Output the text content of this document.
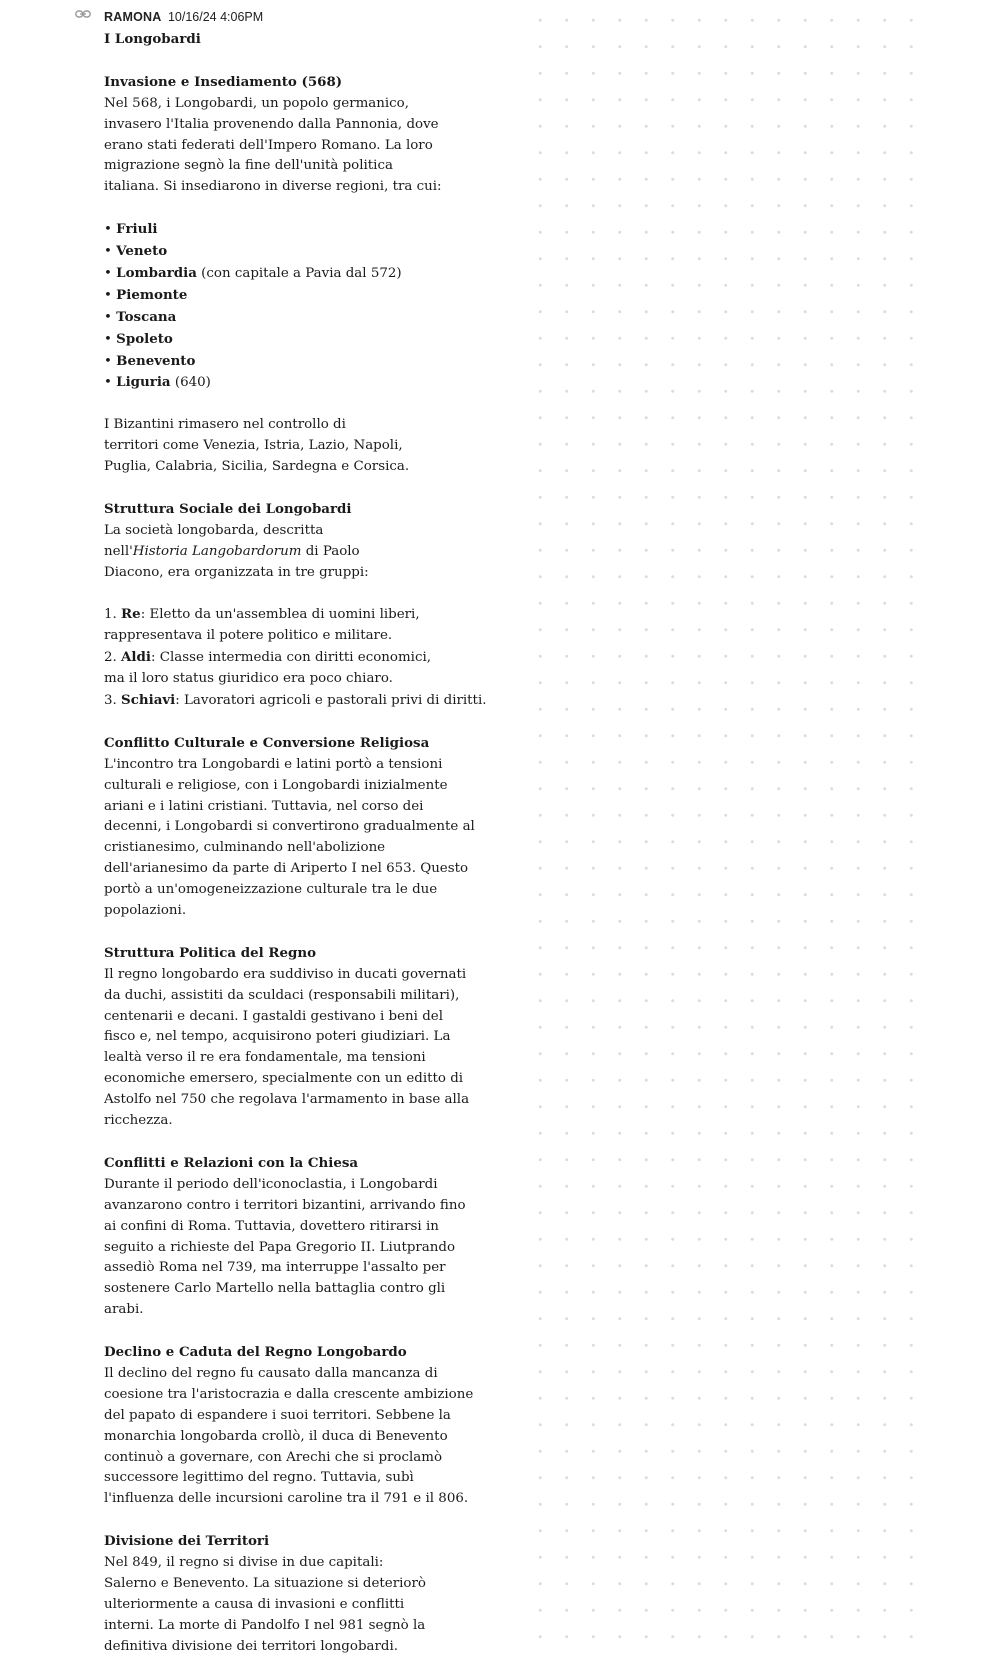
RAMONA 10/16/24 4:06PM
I Longobardi
Invasione e Insediamento (568)
Nel 568, i Longobardi, un popolo germanico,
invasero l'Italia provenendo dalla Pannonia, dove
erano stati federati dell'Impero Romano. La loro
migrazione segnò la fine dell'unità politica
italiana. Si insediarono in diverse regioni, tra cui:
• Friuli
• Veneto
• Lombardia (con capitale a Pavia dal 572)
• Piemonte
• Toscana
• Spoleto
• Benevento
• Liguria (640)
I Bizantini rimasero nel controllo di
territori come Venezia, Istria, Lazio, Napoli,
Puglia, Calabria, Sicilia, Sardegna e Corsica.
Struttura Sociale dei Longobardi
La società longobarda, descritta
nell'Historia Langobardorum di Paolo
Diacono, era organizzata in tre gruppi:
1. Re: Eletto da un'assemblea di uomini liberi,
rappresentava il potere politico e militare.
2. Aldi: Classe intermedia con diritti economici,
ma il loro status giuridico era poco chiaro.
3. Schiavi: Lavoratori agricoli e pastorali privi di diritti.
Conflitto Culturale e Conversione Religiosa
L'incontro tra Longobardi e latini portò a tensioni
culturali e religiose, con i Longobardi inizialmente
ariani e i latini cristiani. Tuttavia, nel corso dei
decenni, i Longobardi si convertirono gradualmente al
cristianesimo, culminando nell'abolizione
dell'arianesimo da parte di Ariperto I nel 653. Questo
portò a un'omogeneizzazione culturale tra le due
popolazioni.
Struttura Politica del Regno
Il regno longobardo era suddiviso in ducati governati
da duchi, assistiti da sculdaci (responsabili militari),
centenarii e decani. I gastaldi gestivano i beni del
fisco e, nel tempo, acquisirono poteri giudiziari. La
lealtà verso il re era fondamentale, ma tensioni
economiche emersero, specialmente con un editto di
Astolfo nel 750 che regolava l'armamento in base alla
ricchezza.
Conflitti e Relazioni con la Chiesa
Durante il periodo dell'iconoclastia, i Longobardi
avanzarono contro i territori bizantini, arrivando fino
ai confini di Roma. Tuttavia, dovettero ritirarsi in
seguito a richieste del Papa Gregorio II. Liutprando
assediò Roma nel 739, ma interruppe l'assalto per
sostenere Carlo Martello nella battaglia contro gli
arabi.
Declino e Caduta del Regno Longobardo
Il declino del regno fu causato dalla mancanza di
coesione tra l'aristocrazia e dalla crescente ambizione
del papato di espandere i suoi territori. Sebbene la
monarchia longobarda crollò, il duca di Benevento
continuò a governare, con Arechi che si proclamò
successore legittimo del regno. Tuttavia, subì
l'influenza delle incursioni caroline tra il 791 e il 806.
Divisione dei Territori
Nel 849, il regno si divise in due capitali:
Salerno e Benevento. La situazione si deteriorò
ulteriormente a causa di invasioni e conflitti
interni. La morte di Pandolfo I nel 981 segnò la
definitiva divisione dei territori longobardi.
